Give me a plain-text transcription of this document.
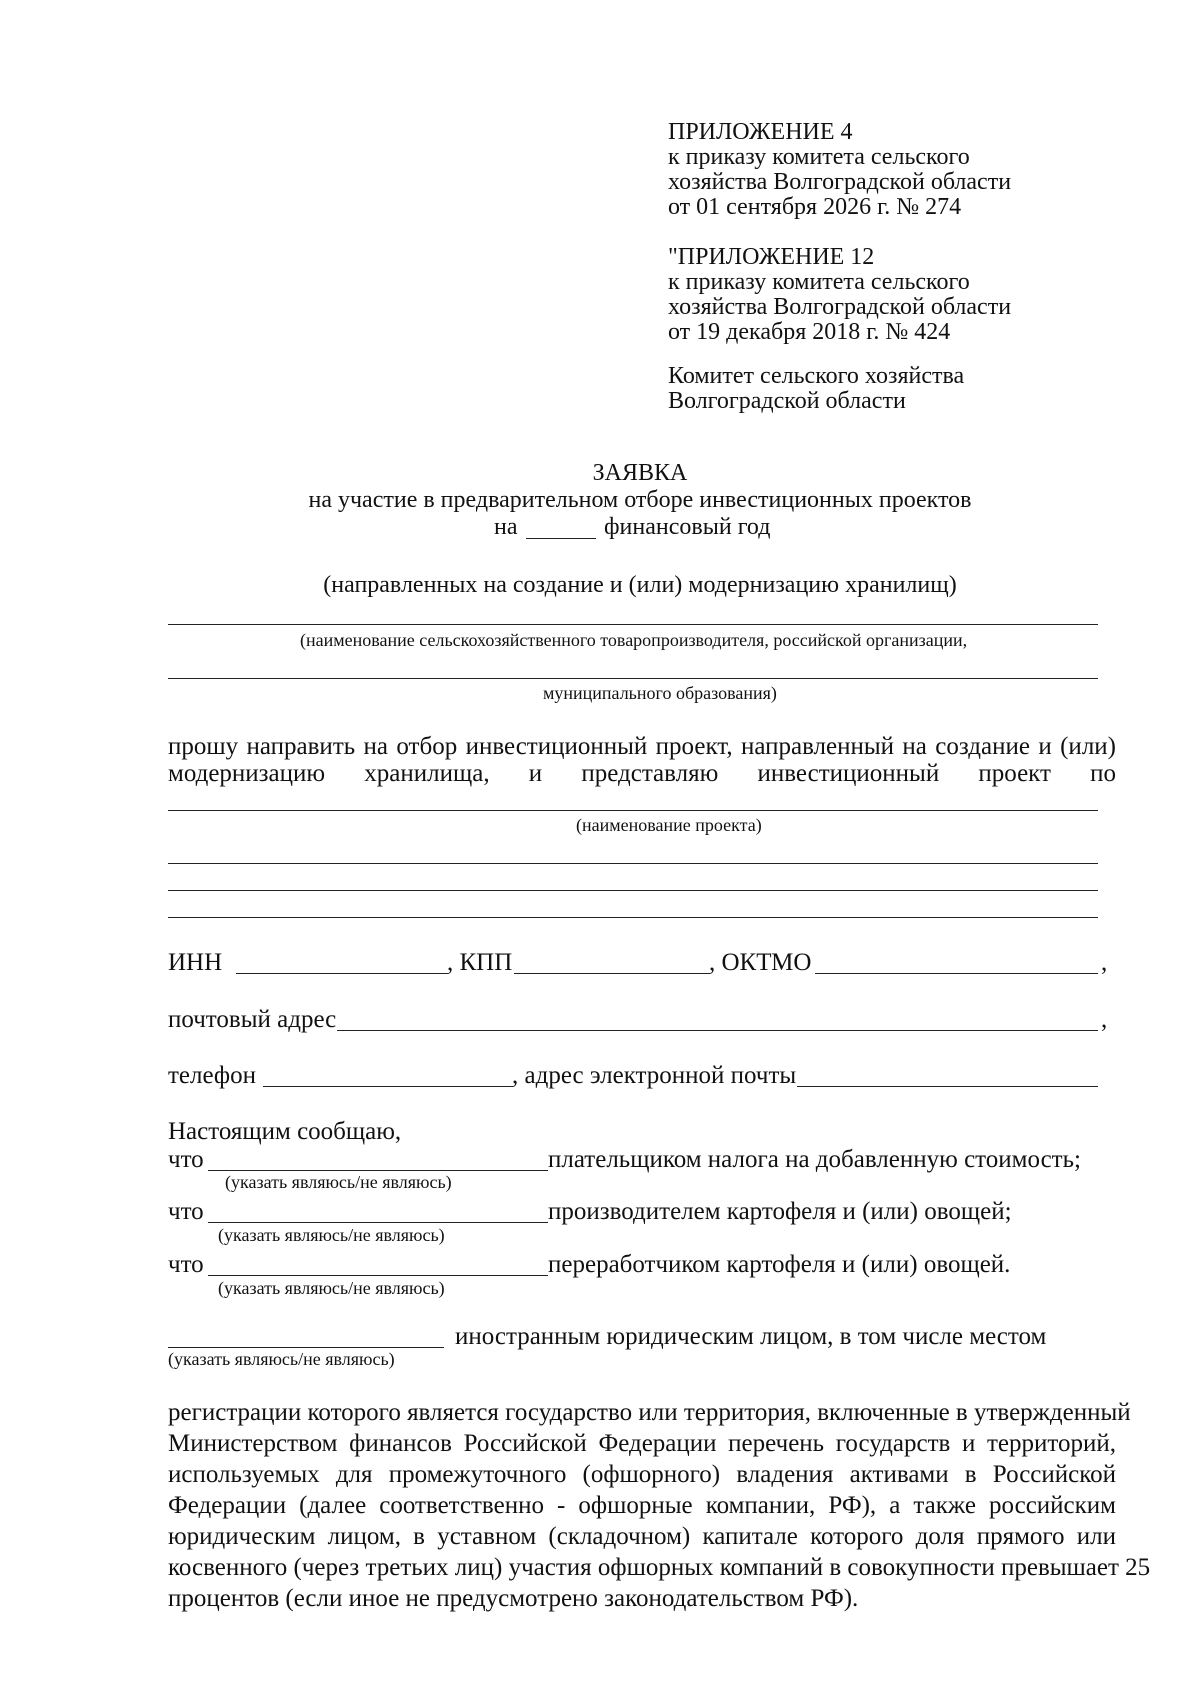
ПРИЛОЖЕНИЕ 4
к приказу комитета сельского
хозяйства Волгоградской области
от 01 сентября 2026 г. № 274
"ПРИЛОЖЕНИЕ 12
к приказу комитета сельского
хозяйства Волгоградской области
от 19 декабря 2018 г. № 424
Комитет сельского хозяйства
Волгоградской области
ЗАЯВКА
на участие в предварительном отборе инвестиционных проектов
на	финансовый год
(направленных на создание и (или) модернизацию хранилищ)
(наименование сельскохозяйственного товаропроизводителя, российской организации,
муниципального образования)
прошу направить на отбор инвестиционный проект, направленный на создание и (или)
модернизацию хранилища, и представляю инвестиционный проект по
(наименование проекта)
ИНН	, КПП	, ОКТМО	,
почтовый адрес	,
телефон	, адрес электронной почты
Настоящим сообщаю,
что	плательщиком налога на добавленную стоимость;
(указать являюсь/не являюсь)
что	производителем картофеля и (или) овощей;
(указать являюсь/не являюсь)
что	переработчиком картофеля и (или) овощей.
(указать являюсь/не являюсь)
иностранным юридическим лицом, в том числе местом
(указать являюсь/не являюсь)
регистрации которого является государство или территория, включенные в утвержденный
Министерством финансов Российской Федерации перечень государств и территорий,
используемых для промежуточного (офшорного) владения активами в Российской
Федерации (далее соответственно - офшорные компании, РФ), а также российским
юридическим лицом, в уставном (складочном) капитале которого доля прямого или
косвенного (через третьих лиц) участия офшорных компаний в совокупности превышает 25
процентов (если иное не предусмотрено законодательством РФ).
